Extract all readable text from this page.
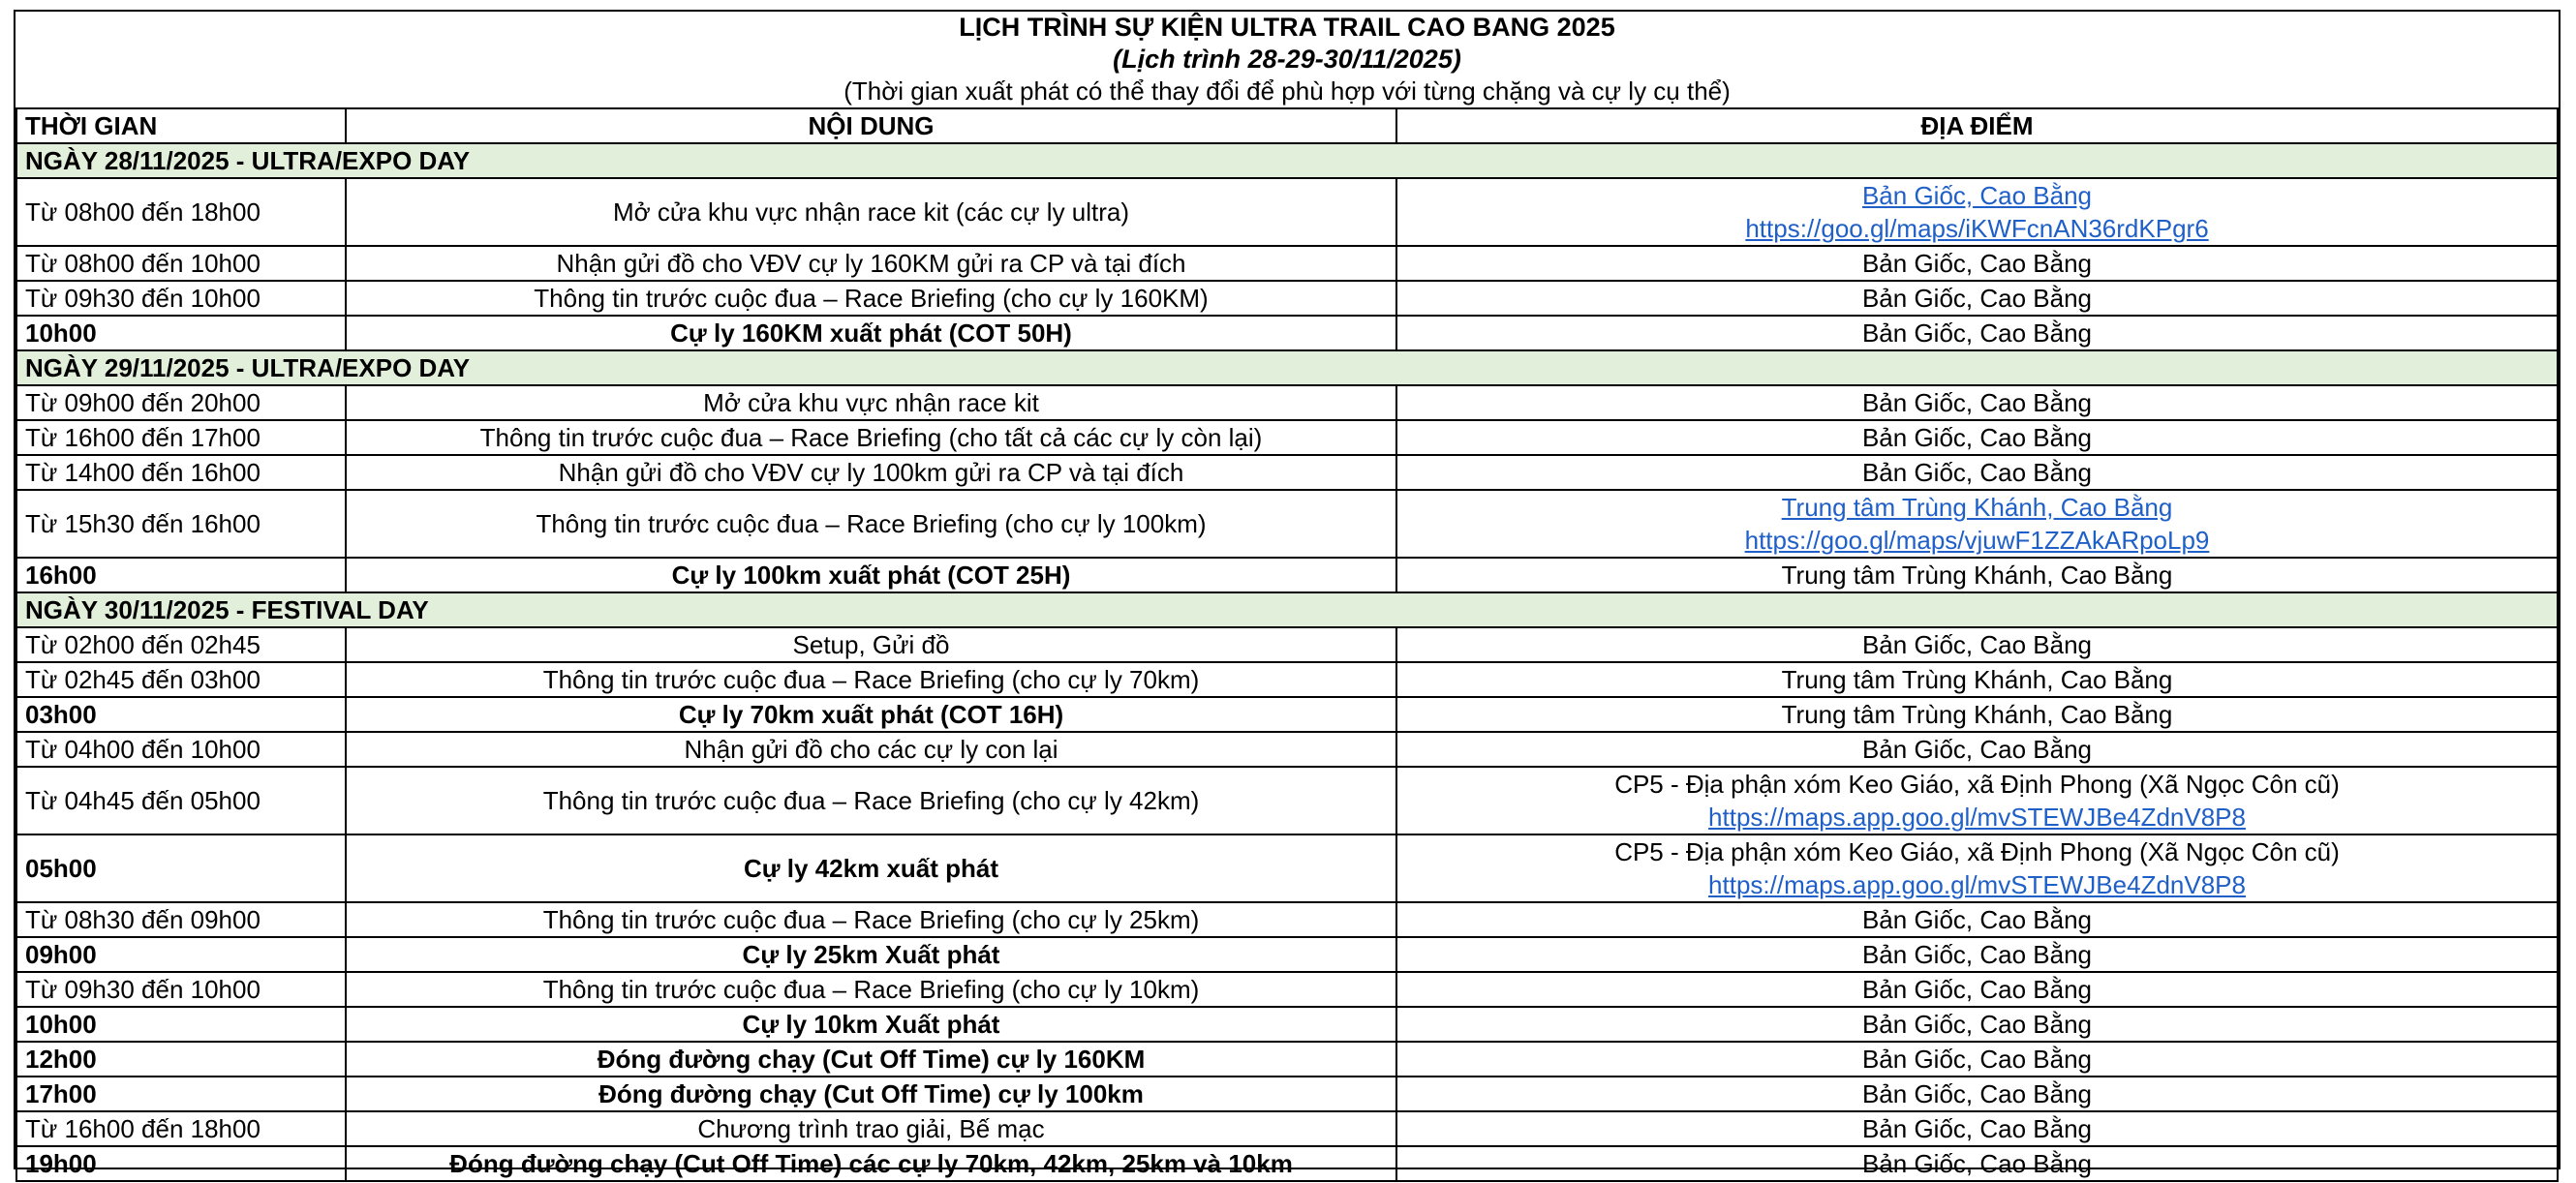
LỊCH TRÌNH SỰ KIỆN ULTRA TRAIL CAO BANG 2025
(Lịch trình 28-29-30/11/2025)
(Thời gian xuất phát có thể thay đổi để phù hợp với từng chặng và cự ly cụ thể)		

THỜI GIAN	NỘI DUNG	ĐỊA ĐIỂM
NGÀY 28/11/2025 - ULTRA/EXPO DAY		
Từ 08h00 đến 18h00	Mở cửa khu vực nhận race kit (các cự ly ultra)	Bản Giốc, Cao Bằng
https://goo.gl/maps/iKWFcnAN36rdKPgr6

Từ 08h00 đến 10h00	Nhận gửi đồ cho VĐV cự ly 160KM gửi ra CP và tại đích	Bản Giốc, Cao Bằng

Từ 09h30 đến 10h00	Thông tin trước cuộc đua – Race Briefing (cho cự ly 160KM)	Bản Giốc, Cao Bằng

10h00	Cự ly 160KM xuất phát (COT 50H)	Bản Giốc, Cao Bằng

NGÀY 29/11/2025 - ULTRA/EXPO DAY		
Từ 09h00 đến 20h00	Mở cửa khu vực nhận race kit	Bản Giốc, Cao Bằng

Từ 16h00 đến 17h00	Thông tin trước cuộc đua – Race Briefing (cho tất cả các cự ly còn lại)	Bản Giốc, Cao Bằng

Từ 14h00 đến 16h00	Nhận gửi đồ cho VĐV cự ly 100km gửi ra CP và tại đích	Bản Giốc, Cao Bằng

Từ 15h30 đến 16h00	Thông tin trước cuộc đua – Race Briefing (cho cự ly 100km)	Trung tâm Trùng Khánh, Cao Bằng
https://goo.gl/maps/vjuwF1ZZAkARpoLp9

16h00	Cự ly 100km xuất phát (COT 25H)	Trung tâm Trùng Khánh, Cao Bằng

NGÀY 30/11/2025 - FESTIVAL DAY		
Từ 02h00 đến 02h45	Setup, Gửi đồ	Bản Giốc, Cao Bằng

Từ 02h45 đến 03h00	Thông tin trước cuộc đua – Race Briefing (cho cự ly 70km)	Trung tâm Trùng Khánh, Cao Bằng

03h00	Cự ly 70km xuất phát (COT 16H)	Trung tâm Trùng Khánh, Cao Bằng

Từ 04h00 đến 10h00	Nhận gửi đồ cho các cự ly con lại	Bản Giốc, Cao Bằng

Từ 04h45 đến 05h00	Thông tin trước cuộc đua – Race Briefing (cho cự ly 42km)	CP5 - Địa phận xóm Keo Giáo, xã Định Phong (Xã Ngọc Côn cũ)
https://maps.app.goo.gl/mvSTEWJBe4ZdnV8P8

05h00	Cự ly 42km xuất phát	CP5 - Địa phận xóm Keo Giáo, xã Định Phong (Xã Ngọc Côn cũ)
https://maps.app.goo.gl/mvSTEWJBe4ZdnV8P8

Từ 08h30 đến 09h00	Thông tin trước cuộc đua – Race Briefing (cho cự ly 25km)	Bản Giốc, Cao Bằng

09h00	Cự ly 25km Xuất phát	Bản Giốc, Cao Bằng

Từ 09h30 đến 10h00	Thông tin trước cuộc đua – Race Briefing (cho cự ly 10km)	Bản Giốc, Cao Bằng

10h00	Cự ly 10km Xuất phát	Bản Giốc, Cao Bằng

12h00	Đóng đường chạy (Cut Off Time) cự ly 160KM	Bản Giốc, Cao Bằng

17h00	Đóng đường chạy (Cut Off Time) cự ly 100km	Bản Giốc, Cao Bằng

Từ 16h00 đến 18h00	Chương trình trao giải, Bế mạc	Bản Giốc, Cao Bằng

19h00	Đóng đường chạy (Cut Off Time) các cự ly 70km, 42km, 25km và 10km	Bản Giốc, Cao Bằng
